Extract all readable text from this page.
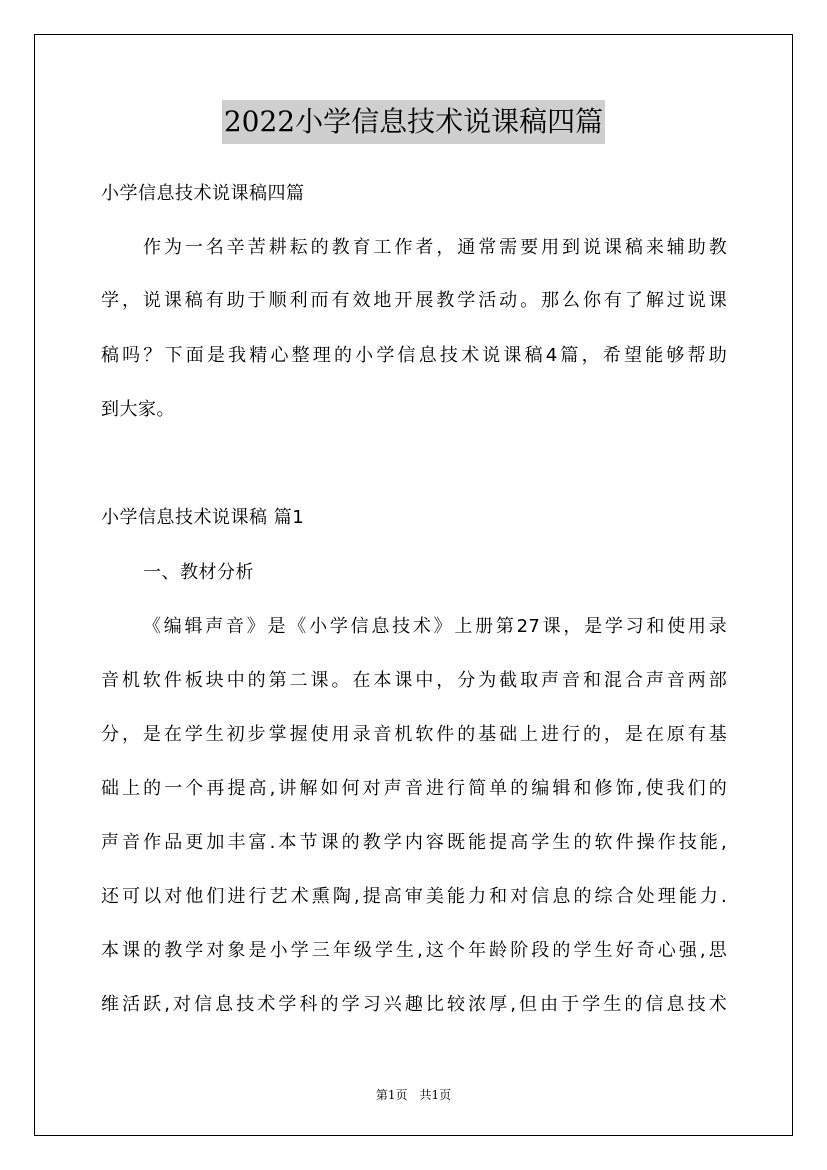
2022小学信息技术说课稿四篇
小学信息技术说课稿四篇
作为一名辛苦耕耘的教育工作者，通常需要用到说课稿来辅助教
学，说课稿有助于顺利而有效地开展教学活动。那么你有了解过说课
稿吗？下面是我精心整理的小学信息技术说课稿4篇，希望能够帮助
到大家。
小学信息技术说课稿 篇1
一、教材分析
《编辑声音》是《小学信息技术》上册第27课，是学习和使用录
音机软件板块中的第二课。在本课中，分为截取声音和混合声音两部
分，是在学生初步掌握使用录音机软件的基础上进行的，是在原有基
础上的一个再提高,讲解如何对声音进行简单的编辑和修饰,使我们的
声音作品更加丰富.本节课的教学内容既能提高学生的软件操作技能,
还可以对他们进行艺术熏陶,提高审美能力和对信息的综合处理能力.
本课的教学对象是小学三年级学生,这个年龄阶段的学生好奇心强,思
维活跃,对信息技术学科的学习兴趣比较浓厚,但由于学生的信息技术
第1页　共1页
